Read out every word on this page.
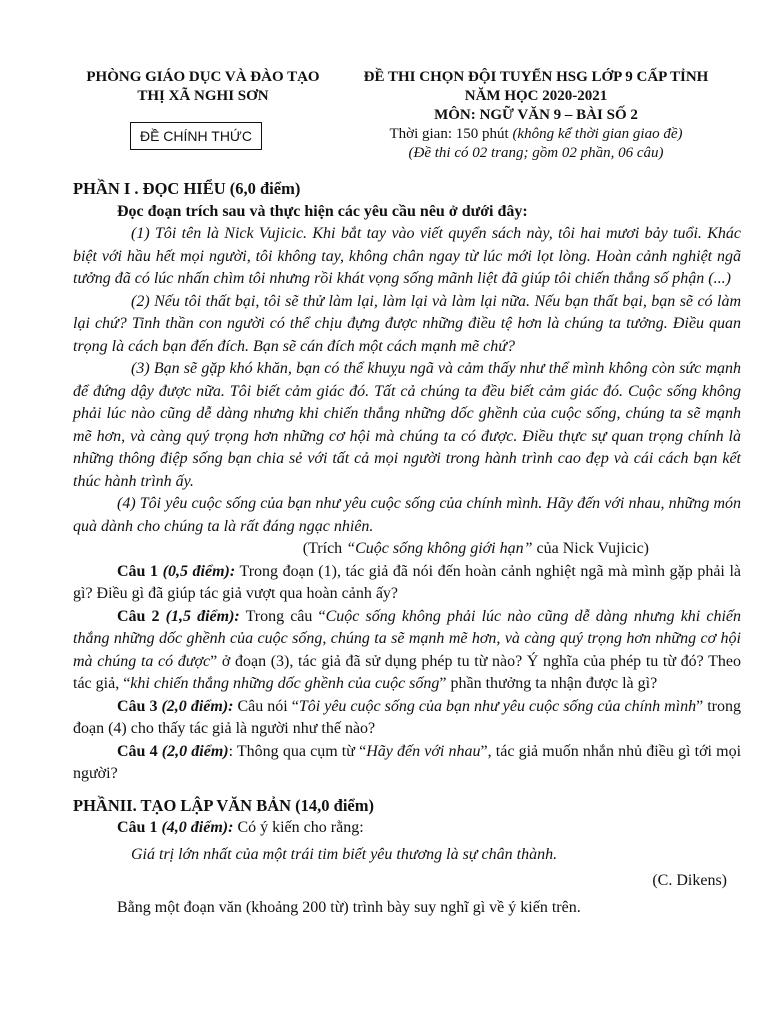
PHÒNG GIÁO DỤC VÀ ĐÀO TẠO
THỊ XÃ NGHI SƠN
ĐỀ CHÍNH THỨC
ĐỀ THI CHỌN ĐỘI TUYỂN HSG LỚP 9 CẤP TỈNH
NĂM HỌC 2020-2021
MÔN: NGỮ VĂN 9 – BÀI SỐ 2
Thời gian: 150 phút (không kể thời gian giao đề)
(Đề thi có 02 trang; gồm 02 phần, 06 câu)

PHẦN I . ĐỌC HIỂU (6,0 điểm)

Đọc đoạn trích sau và thực hiện các yêu cầu nêu ở dưới đây:

(1) Tôi tên là Nick Vujicic. Khi bắt tay vào viết quyển sách này, tôi hai mươi bảy tuổi. Khác biệt với hầu hết mọi người, tôi không tay, không chân ngay từ lúc mới lọt lòng. Hoàn cảnh nghiệt ngã tưởng đã có lúc nhấn chìm tôi nhưng rồi khát vọng sống mãnh liệt đã giúp tôi chiến thắng số phận (...)

(2) Nếu tôi thất bại, tôi sẽ thử làm lại, làm lại và làm lại nữa. Nếu bạn thất bại, bạn sẽ có làm lại chứ? Tinh thần con người có thể chịu đựng được những điều tệ hơn là chúng ta tưởng. Điều quan trọng là cách bạn đến đích. Bạn sẽ cán đích một cách mạnh mẽ chứ?

(3) Bạn sẽ gặp khó khăn, bạn có thể khuỵu ngã và cảm thấy như thể mình không còn sức mạnh để đứng dậy được nữa. Tôi biết cảm giác đó. Tất cả chúng ta đều biết cảm giác đó. Cuộc sống không phải lúc nào cũng dễ dàng nhưng khi chiến thắng những dốc ghềnh của cuộc sống, chúng ta sẽ mạnh mẽ hơn, và càng quý trọng hơn những cơ hội mà chúng ta có được. Điều thực sự quan trọng chính là những thông điệp sống bạn chia sẻ với tất cả mọi người trong hành trình cao đẹp và cái cách bạn kết thúc hành trình ấy.

(4) Tôi yêu cuộc sống của bạn như yêu cuộc sống của chính mình. Hãy đến với nhau, những món quà dành cho chúng ta là rất đáng ngạc nhiên.

(Trích “Cuộc sống không giới hạn” của Nick Vujicic)

Câu 1 (0,5 điểm): Trong đoạn (1), tác giả đã nói đến hoàn cảnh nghiệt ngã mà mình gặp phải là gì? Điều gì đã giúp tác giả vượt qua hoàn cảnh ấy?

Câu 2 (1,5 điểm): Trong câu “Cuộc sống không phải lúc nào cũng dễ dàng nhưng khi chiến thắng những dốc ghềnh của cuộc sống, chúng ta sẽ mạnh mẽ hơn, và càng quý trọng hơn những cơ hội mà chúng ta có được” ở đoạn (3), tác giả đã sử dụng phép tu từ nào? Ý nghĩa của phép tu từ đó? Theo tác giả, “khi chiến thắng những dốc ghềnh của cuộc sống” phần thưởng ta nhận được là gì?

Câu 3 (2,0 điểm): Câu nói “Tôi yêu cuộc sống của bạn như yêu cuộc sống của chính mình” trong đoạn (4) cho thấy tác giả là người như thế nào?

Câu 4 (2,0 điểm): Thông qua cụm từ “Hãy đến với nhau”, tác giả muốn nhắn nhủ điều gì tới mọi người?

PHẦNII. TẠO LẬP VĂN BẢN (14,0 điểm)

Câu 1 (4,0 điểm): Có ý kiến cho rằng:

Giá trị lớn nhất của một trái tim biết yêu thương là sự chân thành.

(C. Dikens)

Bằng một đoạn văn (khoảng 200 từ) trình bày suy nghĩ gì về ý kiến trên.
